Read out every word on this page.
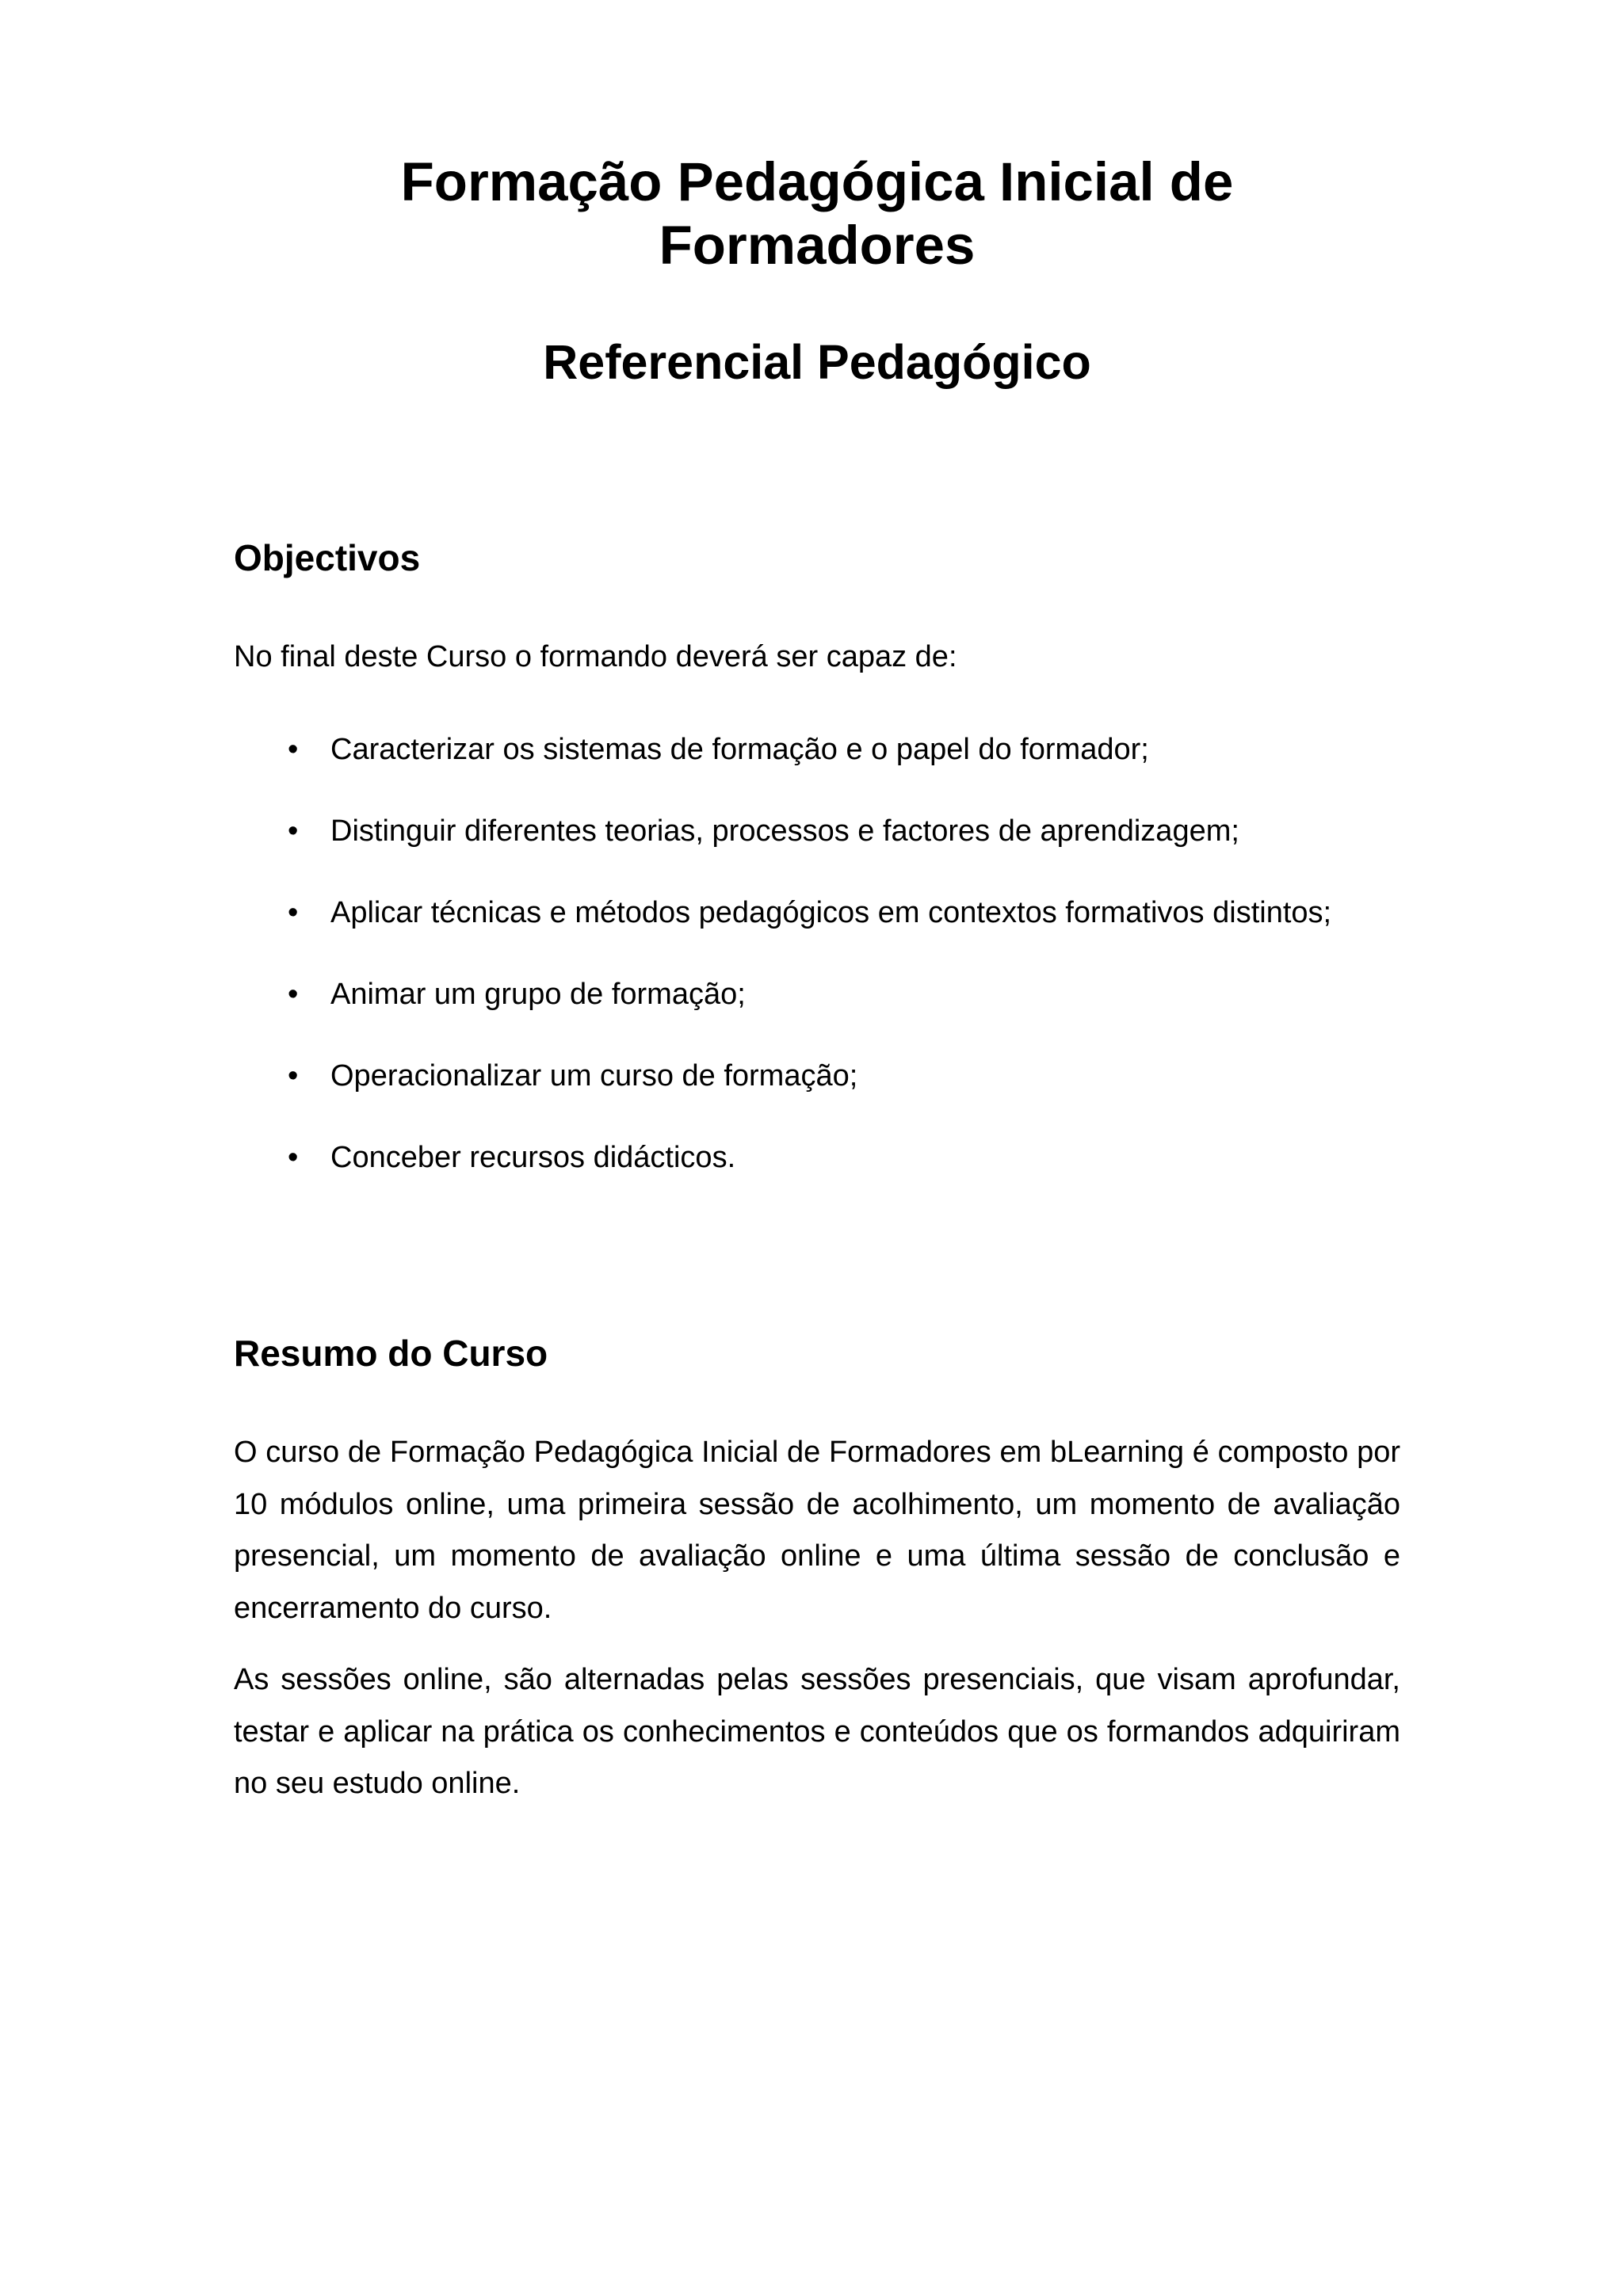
Formação Pedagógica Inicial de
Formadores
Referencial Pedagógico
Objectivos

No final deste Curso o formando deverá ser capaz de:

• Caracterizar os sistemas de formação e o papel do formador;
• Distinguir diferentes teorias, processos e factores de aprendizagem;
• Aplicar técnicas e métodos pedagógicos em contextos formativos distintos;
• Animar um grupo de formação;
• Operacionalizar um curso de formação;
• Conceber recursos didácticos.
Resumo do Curso

O curso de Formação Pedagógica Inicial de Formadores em bLearning é composto por 10 módulos online, uma primeira sessão de acolhimento, um momento de avaliação presencial, um momento de avaliação online e uma última sessão de conclusão e encerramento do curso.

As sessões online, são alternadas pelas sessões presenciais, que visam aprofundar, testar e aplicar na prática os conhecimentos e conteúdos que os formandos adquiriram no seu estudo online.
